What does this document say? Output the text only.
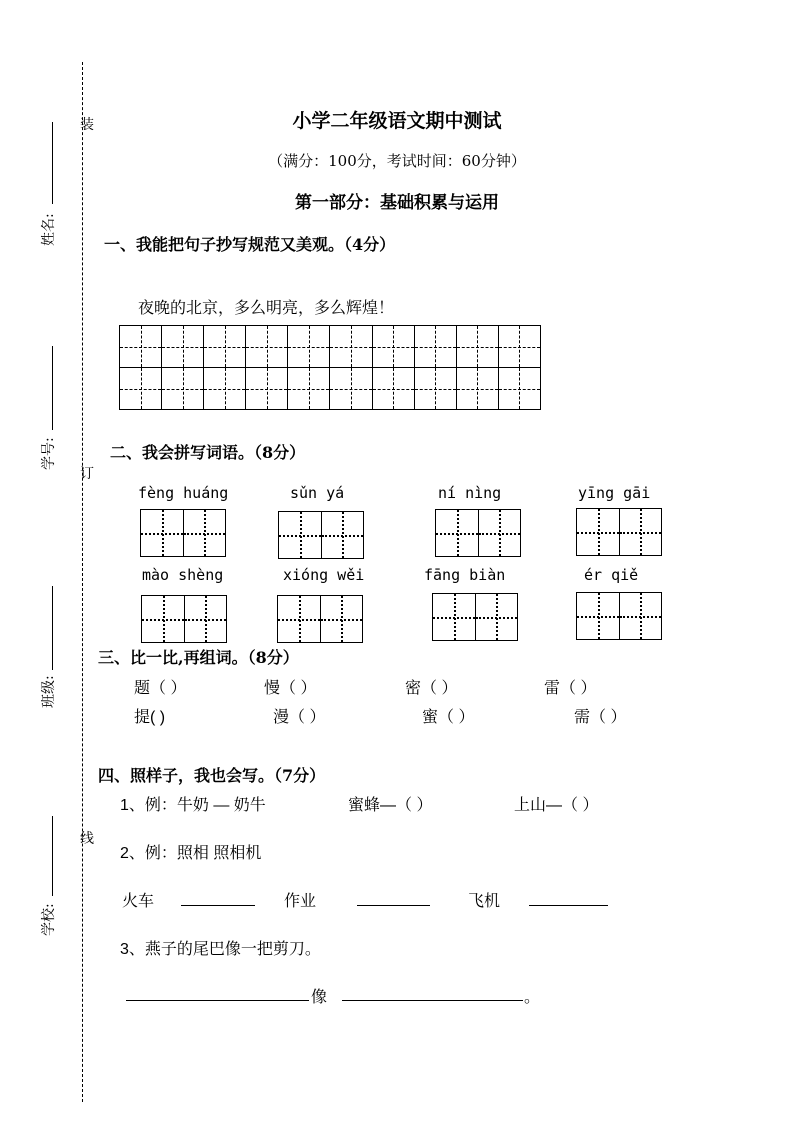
装
订
线
姓名:
学号:
班级:
学校:
小学二年级语文期中测试
（满分：100分，考试时间：60分钟）
第一部分：基础积累与运用
一、我能把句子抄写规范又美观。（4分）
夜晚的北京，多么明亮，多么辉煌！
二、我会拼写词语。（8分）
fèng huáng	sǔn yá	ní nìng	yīng gāi
mào shèng	xióng wěi	fāng biàn	ér qiě
三、比一比,再组词。（8分）
题（ ）	慢（ ）	密（ ）	雷（ ）
提( )	漫（ ）	蜜（ ）	需（ ）
四、照样子，我也会写。（7分）
1、例：牛奶 — 奶牛	蜜蜂—（ ）	上山—（ ）
2、例：照相 照相机
火车	作业	飞机
3、燕子的尾巴像一把剪刀。
像	。
